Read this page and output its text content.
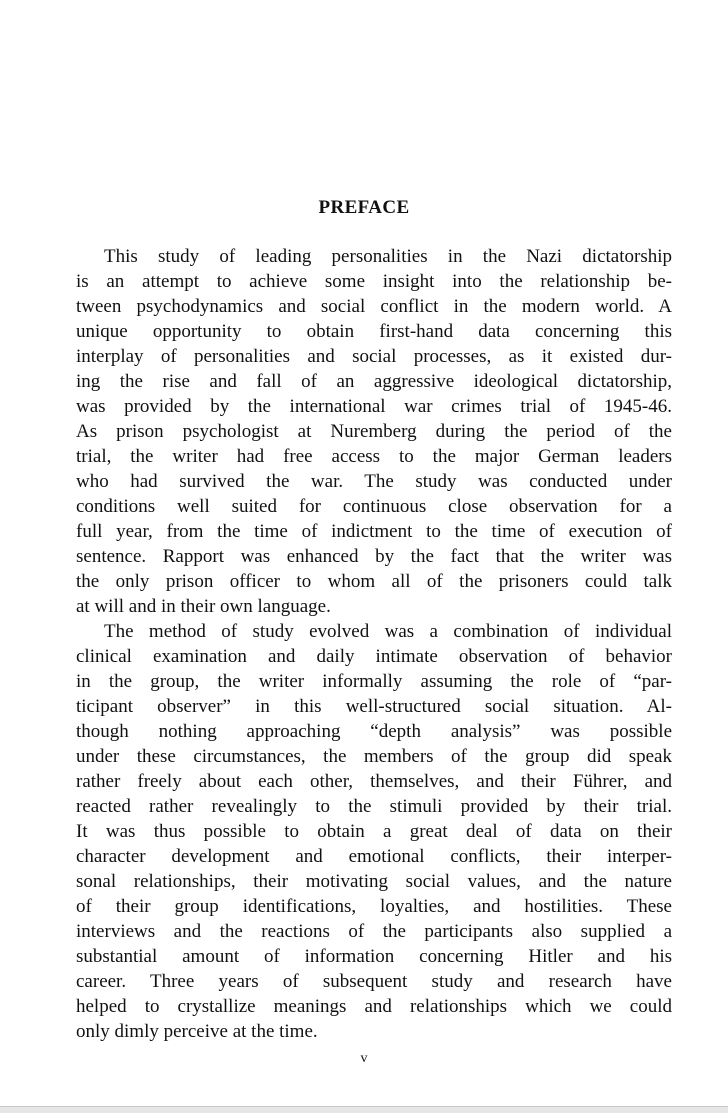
PREFACE
This study of leading personalities in the Nazi dictatorship
is an attempt to achieve some insight into the relationship be-
tween psychodynamics and social conflict in the modern world. A
unique opportunity to obtain first-hand data concerning this
interplay of personalities and social processes, as it existed dur-
ing the rise and fall of an aggressive ideological dictatorship,
was provided by the international war crimes trial of 1945-46.
As prison psychologist at Nuremberg during the period of the
trial, the writer had free access to the major German leaders
who had survived the war. The study was conducted under
conditions well suited for continuous close observation for a
full year, from the time of indictment to the time of execution of
sentence. Rapport was enhanced by the fact that the writer was
the only prison officer to whom all of the prisoners could talk
at will and in their own language.
The method of study evolved was a combination of individual
clinical examination and daily intimate observation of behavior
in the group, the writer informally assuming the role of “par-
ticipant observer” in this well-structured social situation. Al-
though nothing approaching “depth analysis” was possible
under these circumstances, the members of the group did speak
rather freely about each other, themselves, and their Führer, and
reacted rather revealingly to the stimuli provided by their trial.
It was thus possible to obtain a great deal of data on their
character development and emotional conflicts, their interper-
sonal relationships, their motivating social values, and the nature
of their group identifications, loyalties, and hostilities. These
interviews and the reactions of the participants also supplied a
substantial amount of information concerning Hitler and his
career. Three years of subsequent study and research have
helped to crystallize meanings and relationships which we could
only dimly perceive at the time.
v
